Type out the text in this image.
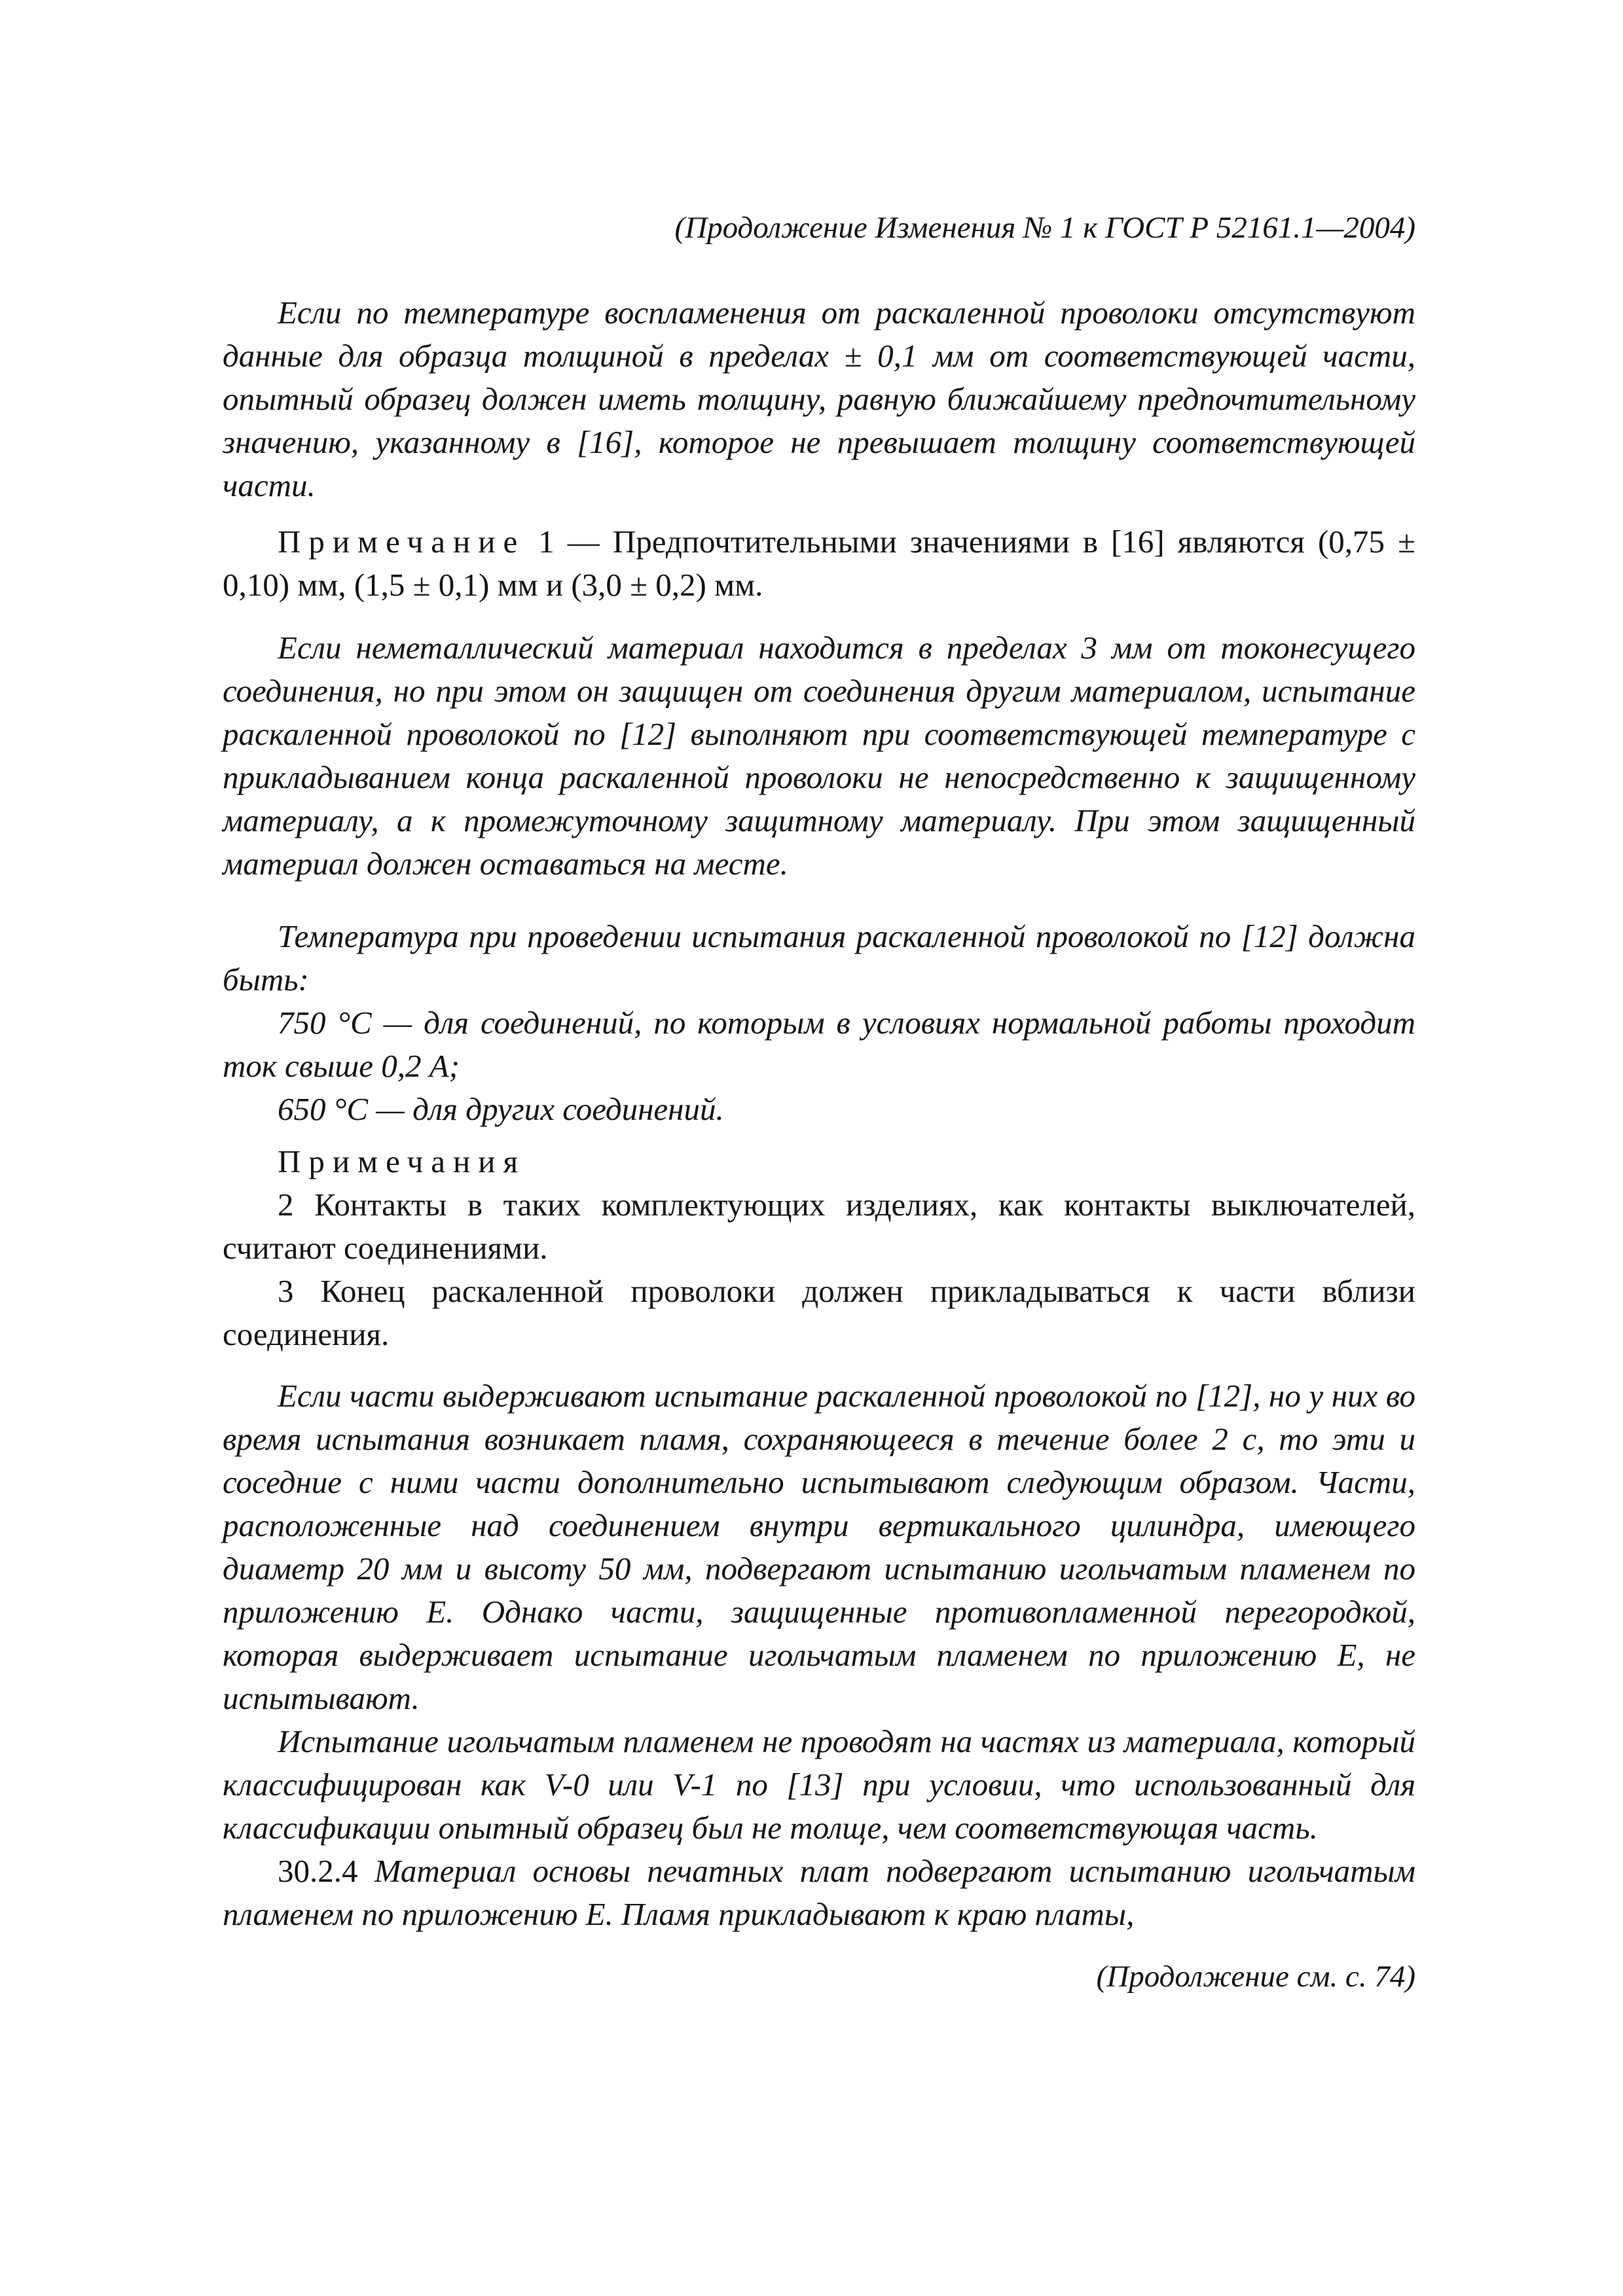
(Продолжение Изменения № 1 к ГОСТ Р 52161.1—2004)

Если по температуре воспламенения от раскаленной проволоки отсутствуют данные для образца толщиной в пределах ± 0,1 мм от соответствующей части, опытный образец должен иметь толщину, равную ближайшему предпочтительному значению, указанному в [16], которое не превышает толщину соответствующей части.

Примечание 1 — Предпочтительными значениями в [16] являются (0,75 ± 0,10) мм, (1,5 ± 0,1) мм и (3,0 ± 0,2) мм.

Если неметаллический материал находится в пределах 3 мм от токонесущего соединения, но при этом он защищен от соединения другим материалом, испытание раскаленной проволокой по [12] выполняют при соответствующей температуре с прикладыванием конца раскаленной проволоки не непосредственно к защищенному материалу, а к промежуточному защитному материалу. При этом защищенный материал должен оставаться на месте.

Температура при проведении испытания раскаленной проволокой по [12] должна быть:

750 °С — для соединений, по которым в условиях нормальной работы проходит ток свыше 0,2 А;

650 °С — для других соединений.

Примечания

2 Контакты в таких комплектующих изделиях, как контакты выключателей, считают соединениями.

3 Конец раскаленной проволоки должен прикладываться к части вблизи соединения.

Если части выдерживают испытание раскаленной проволокой по [12], но у них во время испытания возникает пламя, сохраняющееся в течение более 2 с, то эти и соседние с ними части дополнительно испытывают следующим образом. Части, расположенные над соединением внутри вертикального цилиндра, имеющего диаметр 20 мм и высоту 50 мм, подвергают испытанию игольчатым пламенем по приложению Е. Однако части, защищенные противопламенной перегородкой, которая выдерживает испытание игольчатым пламенем по приложению Е, не испытывают.

Испытание игольчатым пламенем не проводят на частях из материала, который классифицирован как V-0 или V-1 по [13] при условии, что использованный для классификации опытный образец был не толще, чем соответствующая часть.

30.2.4 Материал основы печатных плат подвергают испытанию игольчатым пламенем по приложению Е. Пламя прикладывают к краю платы,

(Продолжение см. с. 74)
